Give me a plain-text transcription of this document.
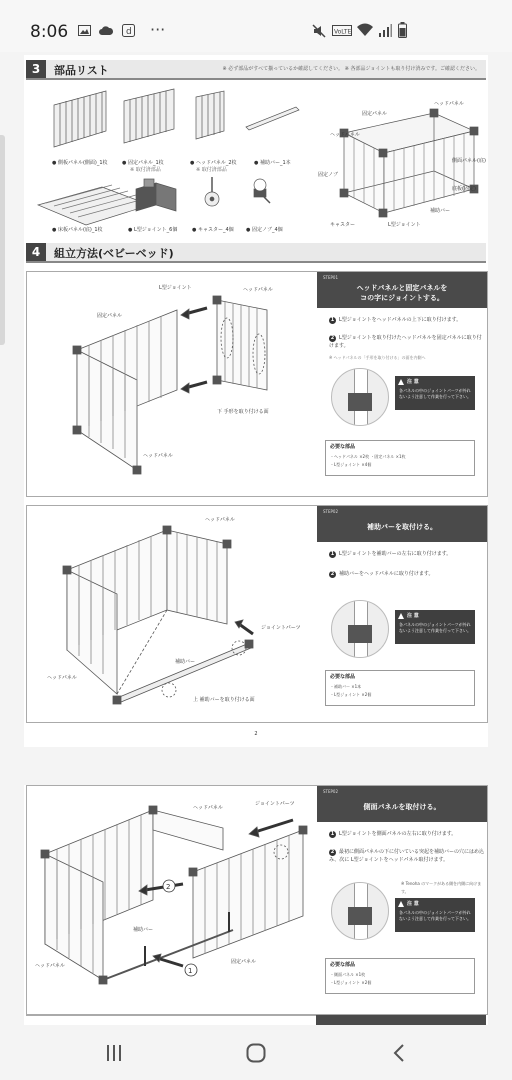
8:06	d ···	VoLTE
3	部品リスト	※ 必ず部品がすべて揃っているか確認してください。 ※ 各部品ジョイントも取り付け済みです。ご確認ください。
● 側板パネル(側面)_1枚	● 固定パネル_1枚
※ 取付済部品
● ヘッドパネル_2枚
※ 取付済部品
● 補助バー_1本
● 床板パネル(底)_1枚	● L型ジョイント_6個	● キャスター_4個 ● 固定ノブ_4個
固定パネル
ヘッドパネル
ヘッドパネル
側面パネル(底)
底板(固定)
補助バー
固定ノブ
キャスター	L型ジョイント
4	組立方法(ベビーベッド)
L型ジョイント	ヘッドパネル
固定パネル
ヘッドパネル
下 手形を取り付ける面
STEP01
ヘッドパネルと固定パネルを
コの字にジョイントする。
1 L型ジョイントをヘッドパネルの上下に取り付けます。
2 L型ジョイントを取り付けたヘッドパネルを固定パネルに取り付けます。
※ ヘッドパネルの「手形を取り付ける」の面を内側へ
注 意
各パネルの中のジョイントパーツが外れないよう注意して作業を行って下さい。
必要な部品
・ヘッドパネル ×2枚 ・固定パネル ×1枚
・L型ジョイント ×4個
ヘッドパネル
ジョイントパーツ
補助バー
ヘッドパネル
上 補助バーを取り付ける面
STEP02
補助バーを取付ける。
1 L型ジョイントを補助バーの左右に取り付けます。
2 補助バーをヘッドパネルに取り付けます。
注 意
各パネルの中のジョイントパーツが外れないよう注意して作業を行って下さい。
必要な部品
・補助バー ×1本
・L型ジョイント ×2個
2
2
1
ヘッドパネル
ジョイントパーツ
補助バー
固定パネル
ヘッドパネル
STEP02
側面パネルを取付ける。
1 L型ジョイントを側面パネルの左右に取り付けます。
2 最初に側面パネルの下に付いている突起を補助バーの穴にはめ込み、次に L型ジョイントをヘッドパネル取付けます。
※ Tenoha のマークがある側を内側に向けます。
注 意
各パネルの中のジョイントパーツが外れないよう注意して作業を行って下さい。
必要な部品
・側面パネル ×1枚
・L型ジョイント ×2個
